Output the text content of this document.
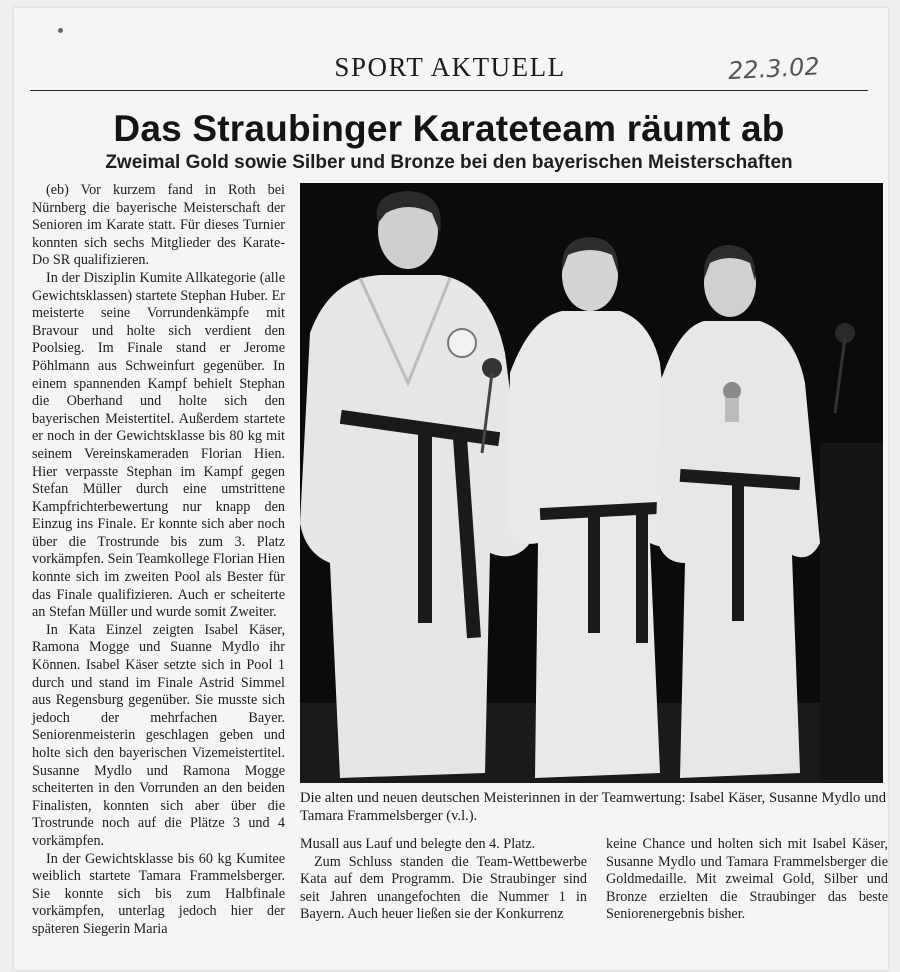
SPORT AKTUELL	22.3.02
Das Straubinger Karateteam räumt ab
Zweimal Gold sowie Silber und Bronze bei den bayerischen Meisterschaften

(eb) Vor kurzem fand in Roth bei Nürnberg die bayerische Meisterschaft der Senioren im Karate statt. Für dieses Turnier konnten sich sechs Mitglieder des Karate-Do SR qualifizieren.

In der Disziplin Kumite Allkategorie (alle Gewichtsklassen) startete Stephan Huber. Er meisterte seine Vorrundenkämpfe mit Bravour und holte sich verdient den Poolsieg. Im Finale stand er Jerome Pöhlmann aus Schweinfurt gegenüber. In einem spannenden Kampf behielt Stephan die Oberhand und holte sich den bayerischen Meistertitel. Außerdem startete er noch in der Gewichtsklasse bis 80 kg mit seinem Vereinskameraden Florian Hien. Hier verpasste Stephan im Kampf gegen Stefan Müller durch eine umstrittene Kampfrichterbewertung nur knapp den Einzug ins Finale. Er konnte sich aber noch über die Trostrunde bis zum 3. Platz vorkämpfen. Sein Teamkollege Florian Hien konnte sich im zweiten Pool als Bester für das Finale qualifizieren. Auch er scheiterte an Stefan Müller und wurde somit Zweiter.

In Kata Einzel zeigten Isabel Käser, Ramona Mogge und Suanne Mydlo ihr Können. Isabel Käser setzte sich in Pool 1 durch und stand im Finale Astrid Simmel aus Regensburg gegenüber. Sie musste sich jedoch der mehrfachen Bayer. Seniorenmeisterin geschlagen geben und holte sich den bayerischen Vizemeistertitel. Susanne Mydlo und Ramona Mogge scheiterten in den Vorrunden an den beiden Finalisten, konnten sich aber über die Trostrunde noch auf die Plätze 3 und 4 vorkämpfen.

In der Gewichtsklasse bis 60 kg Kumitee weiblich startete Tamara Frammelsberger. Sie konnte sich bis zum Halbfinale vorkämpfen, unterlag jedoch hier der späteren Siegerin Maria

Die alten und neuen deutschen Meisterinnen in der Teamwertung: Isabel Käser, Susanne Mydlo und Tamara Frammelsberger (v.l.).

Musall aus Lauf und belegte den 4. Platz.

Zum Schluss standen die Team-Wettbewerbe Kata auf dem Programm. Die Straubinger sind seit Jahren unangefochten die Nummer 1 in Bayern. Auch heuer ließen sie der Konkurrenz

keine Chance und holten sich mit Isabel Käser, Susanne Mydlo und Tamara Frammelsberger die Goldmedaille. Mit zweimal Gold, Silber und Bronze erzielten die Straubinger das beste Seniorenergebnis bisher.
